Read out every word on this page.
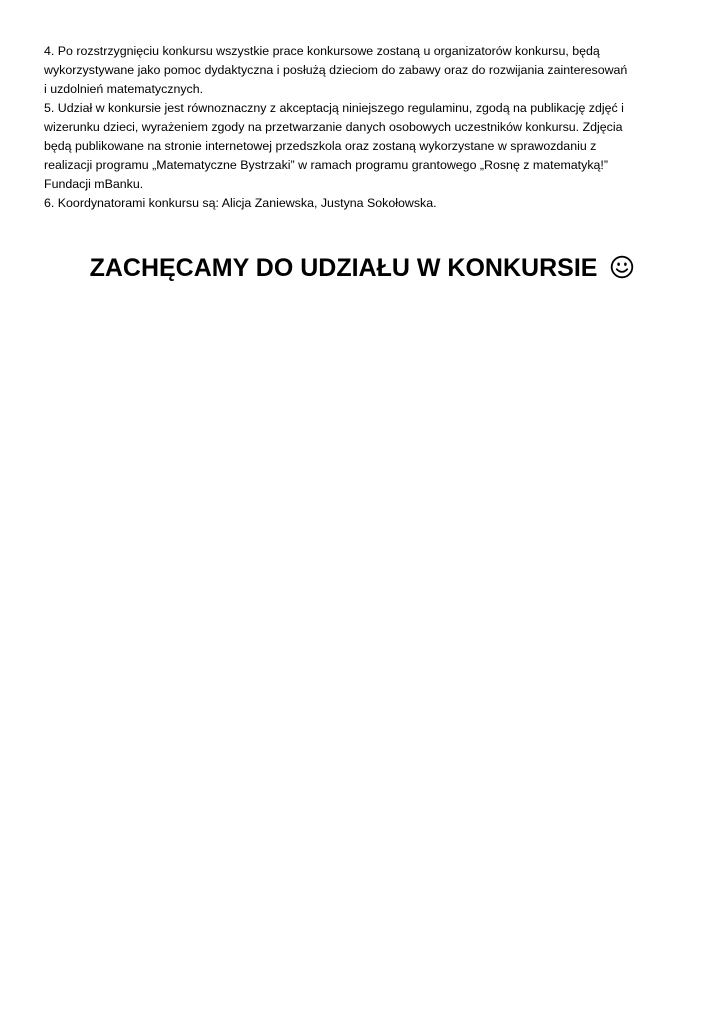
4. Po rozstrzygnięciu konkursu wszystkie prace konkursowe zostaną u organizatorów konkursu, będą
wykorzystywane jako pomoc dydaktyczna i posłużą dzieciom do zabawy oraz do rozwijania zainteresowań
i uzdolnień matematycznych.
5. Udział w konkursie jest równoznaczny z akceptacją niniejszego regulaminu, zgodą na publikację zdjęć i
wizerunku dzieci, wyrażeniem zgody na przetwarzanie danych osobowych uczestników konkursu. Zdjęcia
będą publikowane na stronie internetowej przedszkola oraz zostaną wykorzystane w sprawozdaniu z
realizacji programu „Matematyczne Bystrzaki” w ramach programu grantowego „Rosnę z matematyką!”
Fundacji mBanku.
6. Koordynatorami konkursu są: Alicja Zaniewska, Justyna Sokołowska.
ZACHĘCAMY DO UDZIAŁU W KONKURSIE
